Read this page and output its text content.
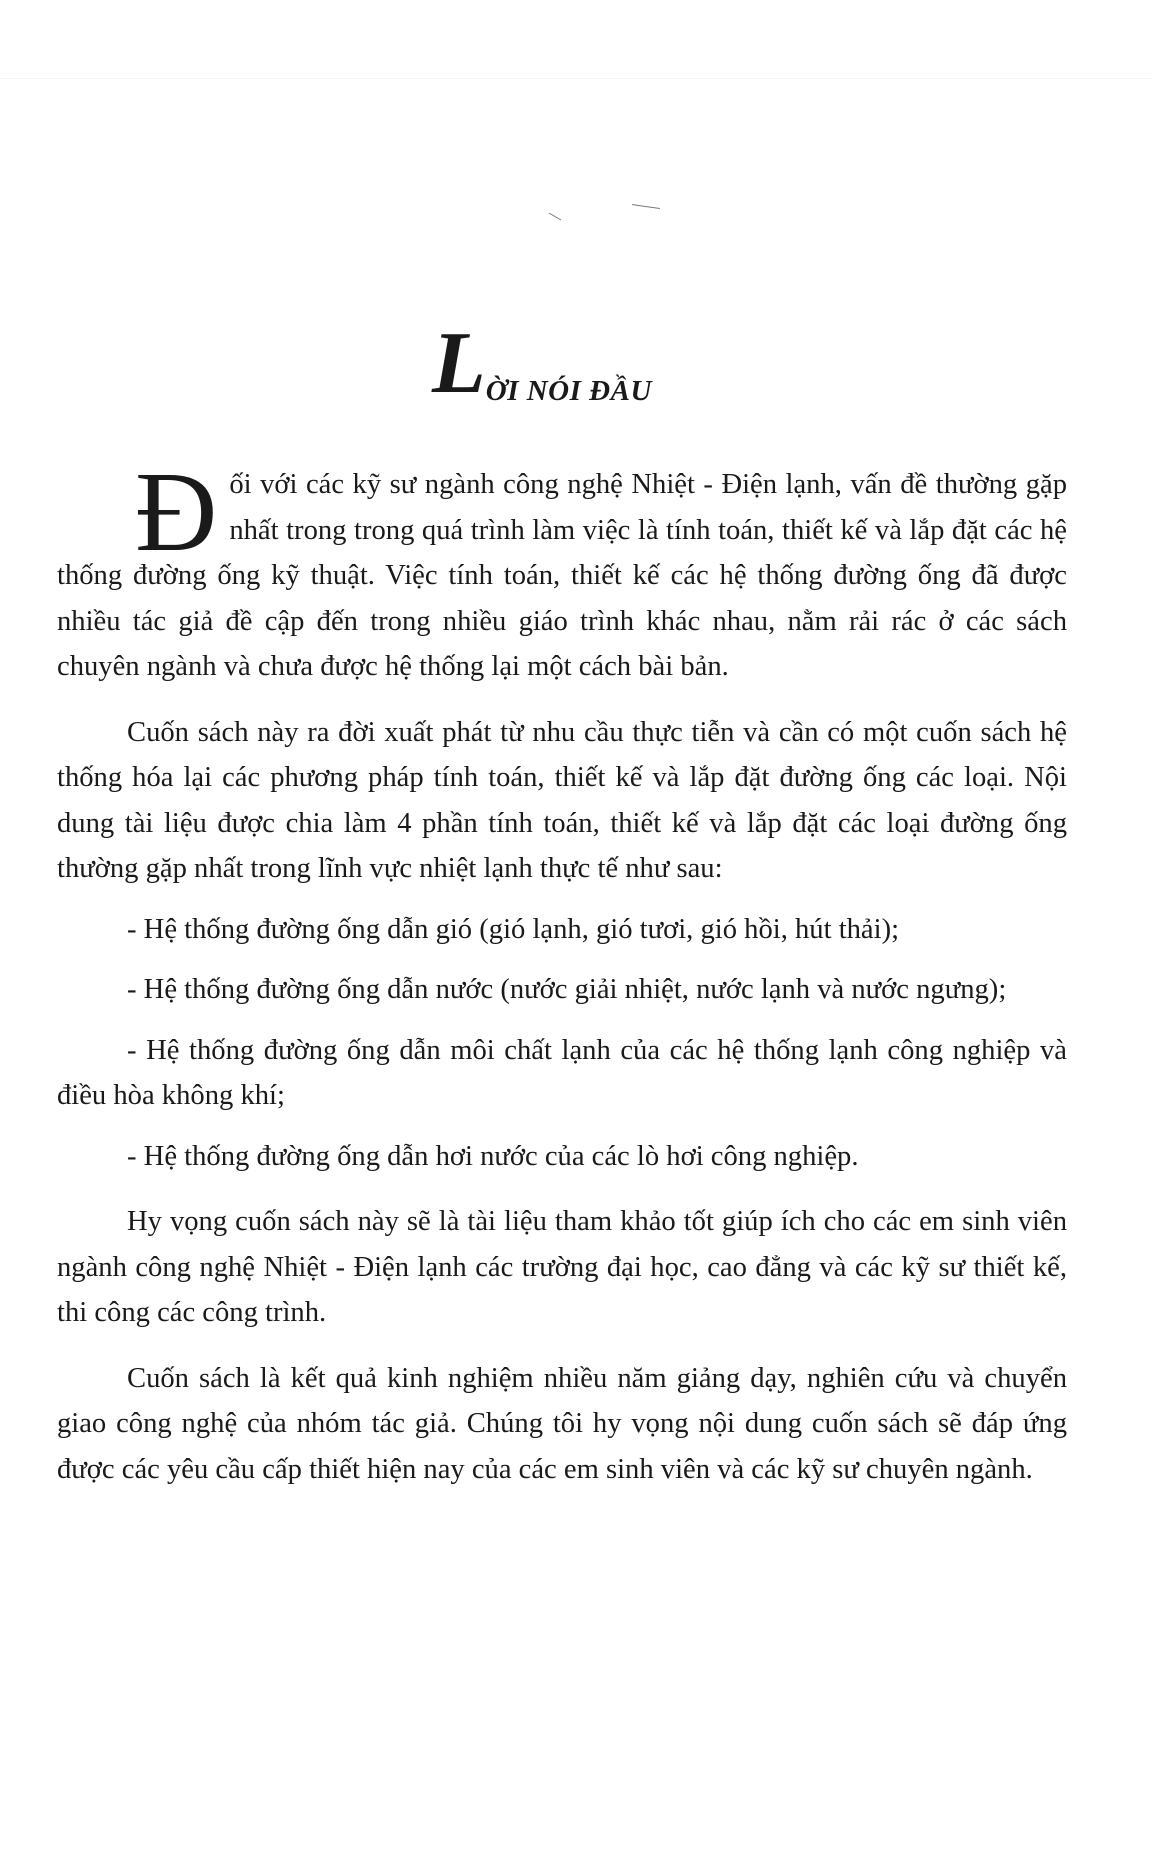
LỜI NÓI ĐẦU

Đối với các kỹ sư ngành công nghệ Nhiệt - Điện lạnh, vấn đề thường gặp nhất trong trong quá trình làm việc là tính toán, thiết kế và lắp đặt các hệ thống đường ống kỹ thuật. Việc tính toán, thiết kế các hệ thống đường ống đã được nhiều tác giả đề cập đến trong nhiều giáo trình khác nhau, nằm rải rác ở các sách chuyên ngành và chưa được hệ thống lại một cách bài bản.

Cuốn sách này ra đời xuất phát từ nhu cầu thực tiễn và cần có một cuốn sách hệ thống hóa lại các phương pháp tính toán, thiết kế và lắp đặt đường ống các loại. Nội dung tài liệu được chia làm 4 phần tính toán, thiết kế và lắp đặt các loại đường ống thường gặp nhất trong lĩnh vực nhiệt lạnh thực tế như sau:

- Hệ thống đường ống dẫn gió (gió lạnh, gió tươi, gió hồi, hút thải);

- Hệ thống đường ống dẫn nước (nước giải nhiệt, nước lạnh và nước ngưng);

- Hệ thống đường ống dẫn môi chất lạnh của các hệ thống lạnh công nghiệp và điều hòa không khí;

- Hệ thống đường ống dẫn hơi nước của các lò hơi công nghiệp.

Hy vọng cuốn sách này sẽ là tài liệu tham khảo tốt giúp ích cho các em sinh viên ngành công nghệ Nhiệt - Điện lạnh các trường đại học, cao đẳng và các kỹ sư thiết kế, thi công các công trình.

Cuốn sách là kết quả kinh nghiệm nhiều năm giảng dạy, nghiên cứu và chuyển giao công nghệ của nhóm tác giả. Chúng tôi hy vọng nội dung cuốn sách sẽ đáp ứng được các yêu cầu cấp thiết hiện nay của các em sinh viên và các kỹ sư chuyên ngành.
